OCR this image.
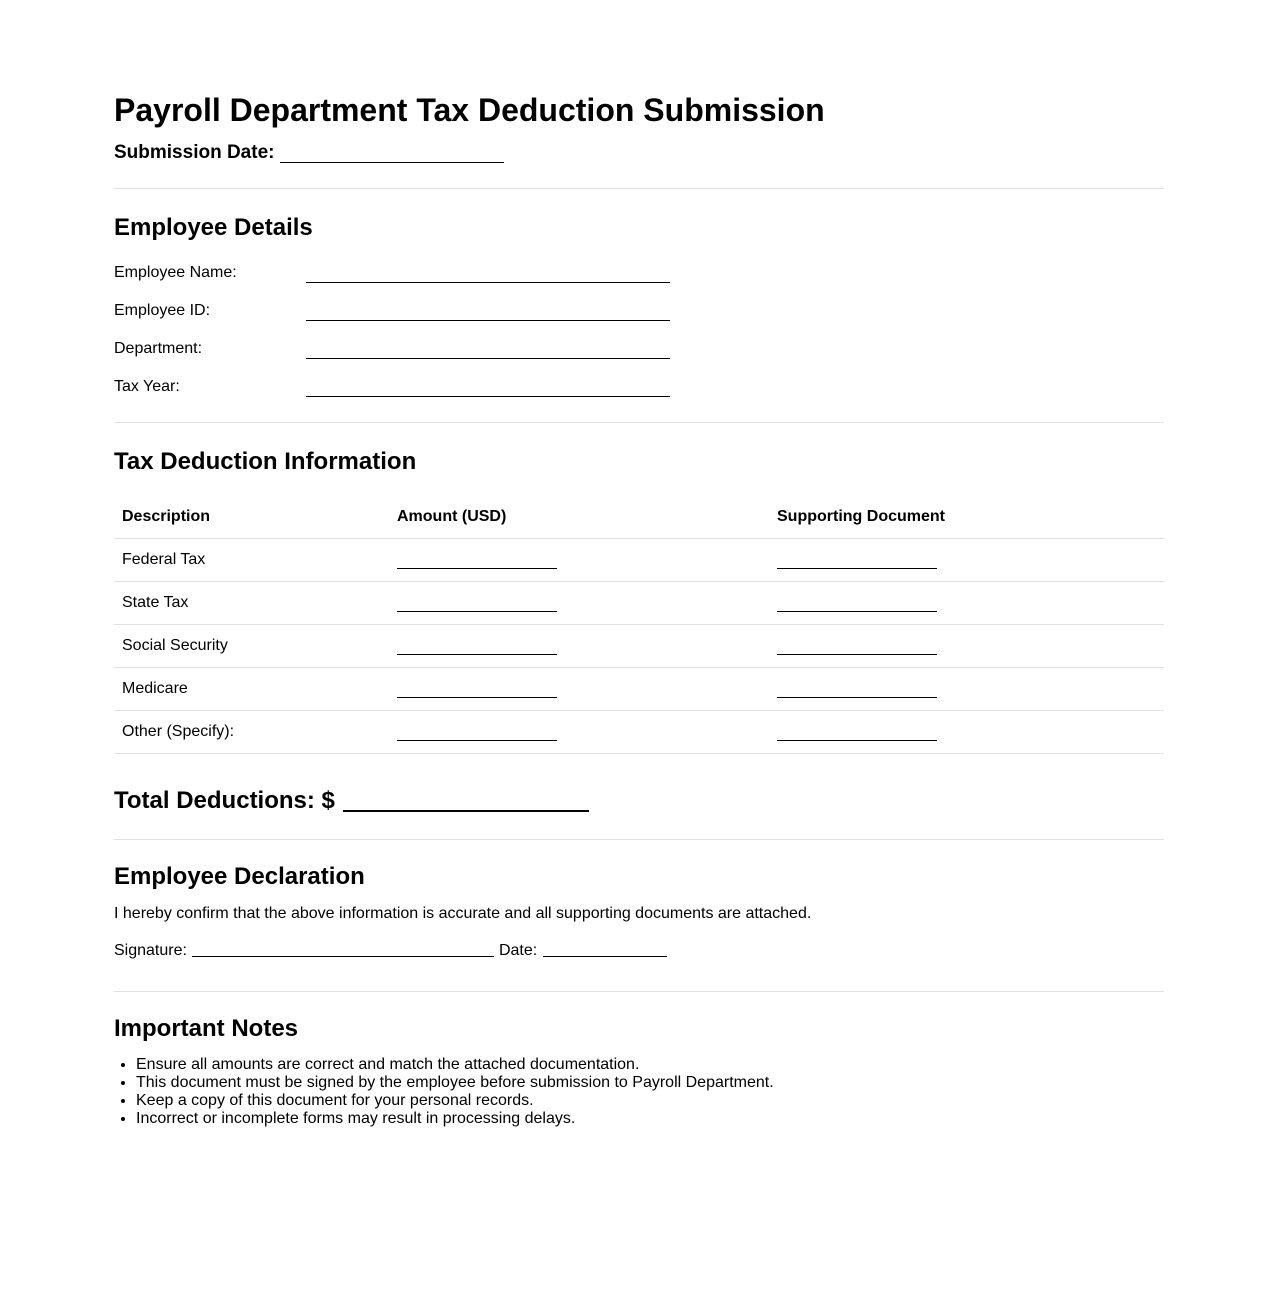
Payroll Department Tax Deduction Submission
Submission Date:
Employee Details
Employee Name:
Employee ID:
Department:
Tax Year:
Tax Deduction Information
Description	Amount (USD)	Supporting Document
Federal Tax	

State Tax	

Social Security	

Medicare	

Other (Specify):	

Total Deductions: $
Employee Declaration

I hereby confirm that the above information is accurate and all supporting documents are attached.

Signature:	Date:
Important Notes
• Ensure all amounts are correct and match the attached documentation.
• This document must be signed by the employee before submission to Payroll Department.
• Keep a copy of this document for your personal records.
• Incorrect or incomplete forms may result in processing delays.
